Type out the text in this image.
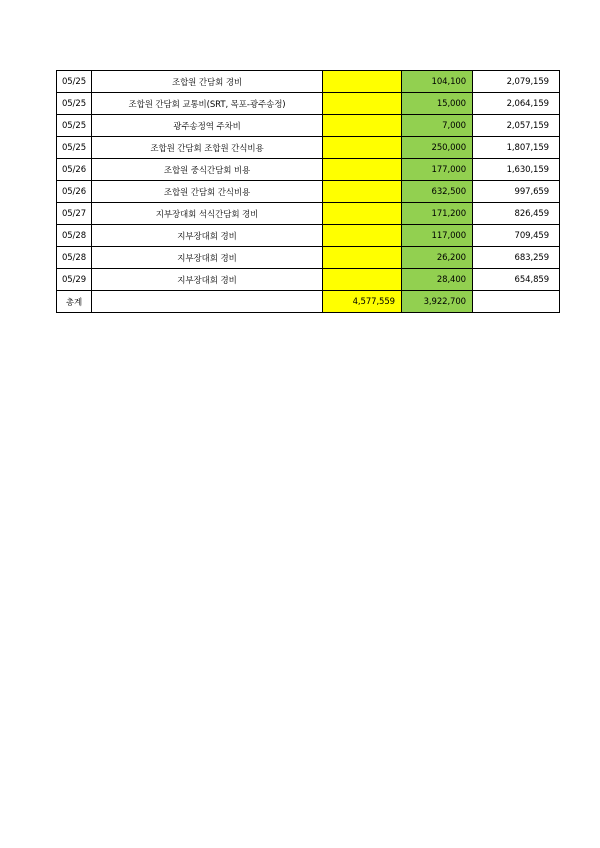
05/25	조합원 간담회 경비		104,100	2,079,159
05/25	조합원 간담회 교통비(SRT, 목포-광주송정)		15,000	2,064,159
05/25	광주송정역 주차비		7,000	2,057,159
05/25	조합원 간담회 조합원 간식비용		250,000	1,807,159
05/26	조합원 중식간담회 비용		177,000	1,630,159
05/26	조합원 간담회 간식비용		632,500	997,659
05/27	지부장대회 석식간담회 경비		171,200	826,459
05/28	지부장대회 경비		117,000	709,459
05/28	지부장대회 경비		26,200	683,259
05/29	지부장대회 경비		28,400	654,859
총계		4,577,559	3,922,700	
